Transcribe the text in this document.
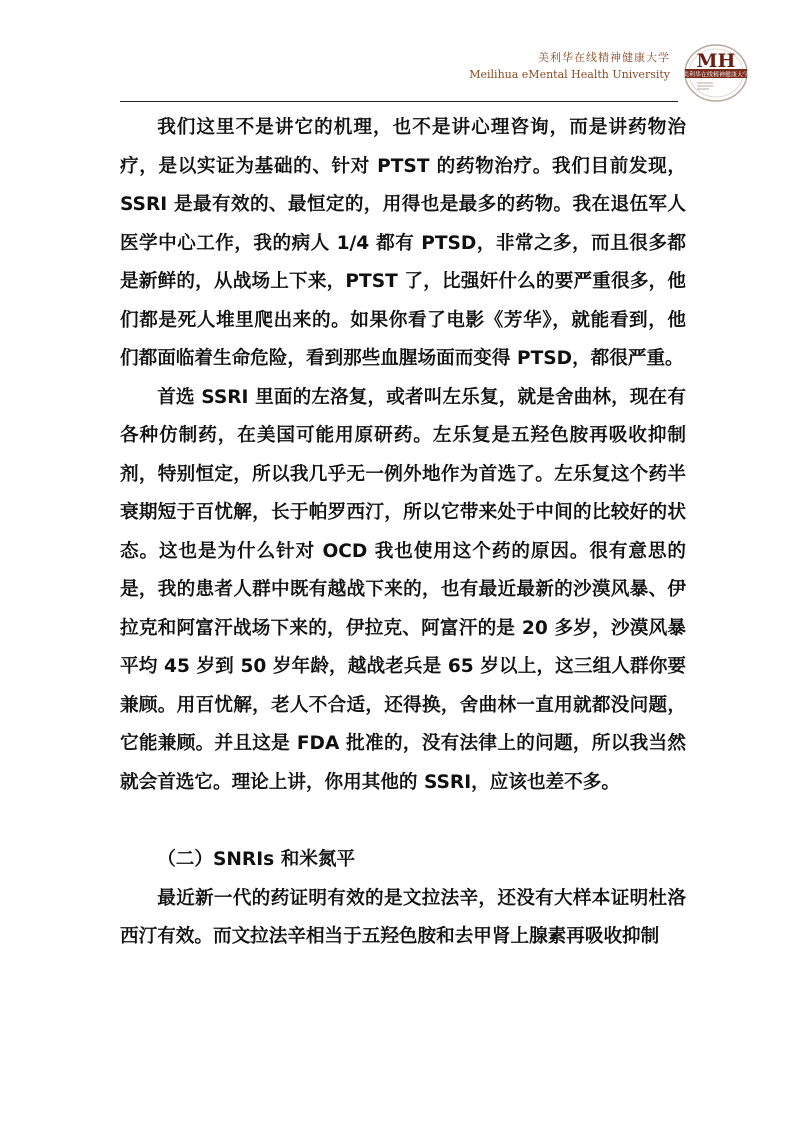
美利华在线精神健康大学
Meilihua eMental Health University
MH
美利华在线精神健康大学

我们这里不是讲它的机理，也不是讲心理咨询，而是讲药物治疗，是以实证为基础的、针对 PTST 的药物治疗。我们目前发现，SSRI 是最有效的、最恒定的，用得也是最多的药物。我在退伍军人医学中心工作，我的病人 1/4 都有 PTSD，非常之多，而且很多都是新鲜的，从战场上下来，PTST 了，比强奸什么的要严重很多，他们都是死人堆里爬出来的。如果你看了电影《芳华》，就能看到，他们都面临着生命危险，看到那些血腥场面而变得 PTSD，都很严重。

首选 SSRI 里面的左洛复，或者叫左乐复，就是舍曲林，现在有各种仿制药，在美国可能用原研药。左乐复是五羟色胺再吸收抑制剂，特别恒定，所以我几乎无一例外地作为首选了。左乐复这个药半衰期短于百忧解，长于帕罗西汀，所以它带来处于中间的比较好的状态。这也是为什么针对 OCD 我也使用这个药的原因。很有意思的是，我的患者人群中既有越战下来的，也有最近最新的沙漠风暴、伊拉克和阿富汗战场下来的，伊拉克、阿富汗的是 20 多岁，沙漠风暴平均 45 岁到 50 岁年龄，越战老兵是 65 岁以上，这三组人群你要兼顾。用百忧解，老人不合适，还得换，舍曲林一直用就都没问题，它能兼顾。并且这是 FDA 批准的，没有法律上的问题，所以我当然就会首选它。理论上讲，你用其他的 SSRI，应该也差不多。

（二）SNRIs 和米氮平

最近新一代的药证明有效的是文拉法辛，还没有大样本证明杜洛西汀有效。而文拉法辛相当于五羟色胺和去甲肾上腺素再吸收抑制
